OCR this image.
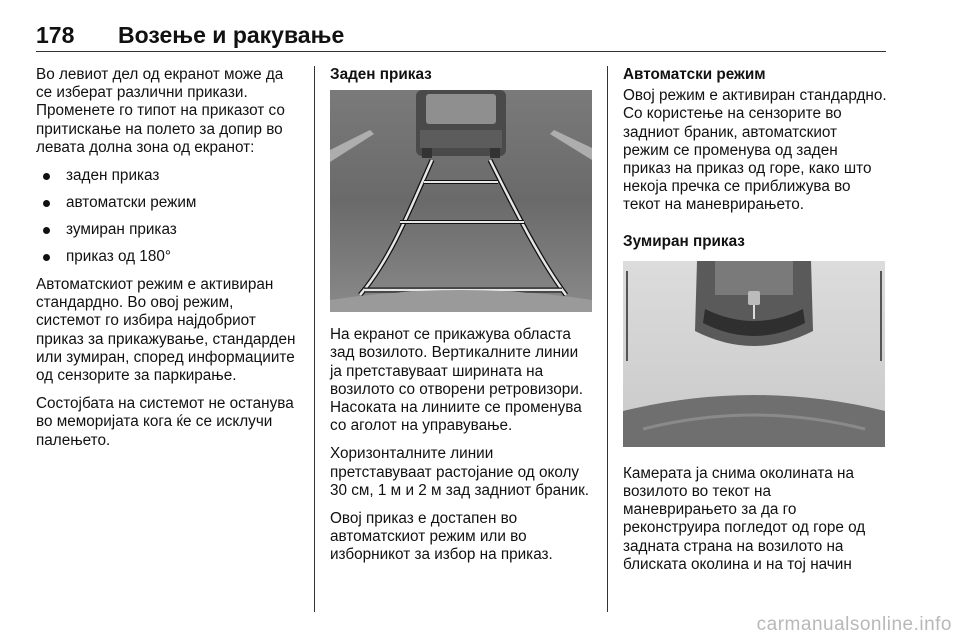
178 Возење и ракување

Во левиот дел од екранот може да се изберат различни прикази. Променете го типот на приказот со притискање на полето за допир во левата долна зона од екранот:

заден приказ
автоматски режим
зумиран приказ
приказ од 180°

Автоматскиот режим е активиран стандардно. Во овој режим, системот го избира најдобриот приказ за прикажување, стандарден или зумиран, според информациите од сензорите за паркирање.

Состојбата на системот не останува во меморијата кога ќе се исклучи палењето.

Заден приказ

На екранот се прикажува областа зад возилото. Вертикалните линии ја претставуваат ширината на возилото со отворени ретровизори. Насоката на линиите се променува со аголот на управување.

Хоризонталните линии претставуваат растојание од околу 30 см, 1 м и 2 м зад задниот браник.

Овој приказ е достапен во автоматскиот режим или во изборникот за избор на приказ.

Автоматски режим

Овој режим е активиран стандардно. Со користење на сензорите во задниот браник, автоматскиот режим се променува од заден приказ на приказ од горе, како што некоја пречка се приближува во текот на маневрирањето.

Зумиран приказ

Камерата ја снима околината на возилото во текот на маневрирањето за да го реконструира погледот од горе од задната страна на возилото на блиската околина и на тој начин

carmanualsonline.info
